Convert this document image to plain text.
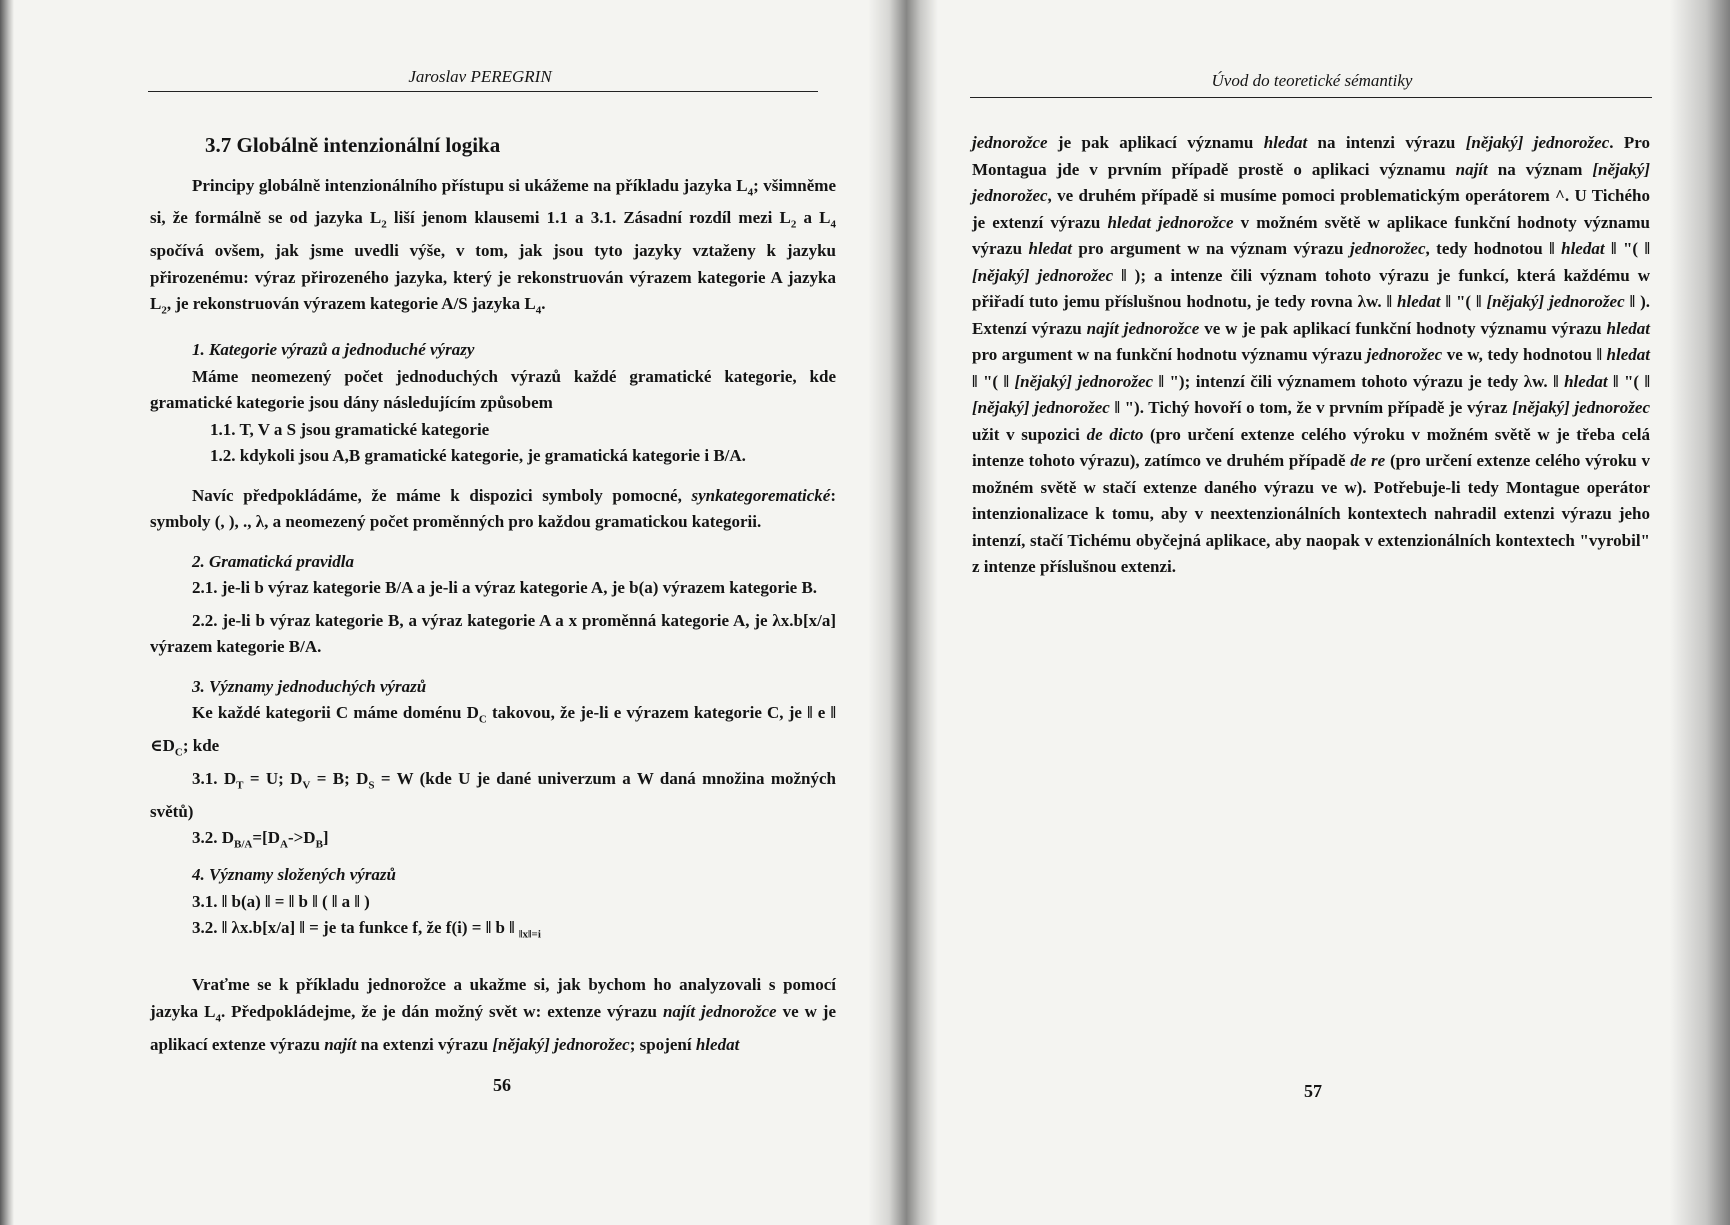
Jaroslav PEREGRIN

3.7 Globálně intenzionální logika

Principy globálně intenzionálního přístupu si ukážeme na příkladu jazyka $L_4$; všimněme si, že formálně se od jazyka $L_2$ liší jenom klausemi 1.1 a 3.1. Zásadní rozdíl mezi $L_2$ a $L_4$ spočívá ovšem, jak jsme uvedli výše, v tom, jak jsou tyto jazyky vztaženy k jazyku přirozenému: výraz přirozeného jazyka, který je rekonstruován výrazem kategorie A jazyka $L_2$, je rekonstruován výrazem kategorie A/S jazyka $L_4$.

1. Kategorie výrazů a jednoduché výrazy

Máme neomezený počet jednoduchých výrazů každé gramatické kategorie, kde gramatické kategorie jsou dány následujícím způsobem

1.1. T, V a S jsou gramatické kategorie

1.2. kdykoli jsou A,B gramatické kategorie, je gramatická kategorie i B/A.

Navíc předpokládáme, že máme k dispozici symboly pomocné, synkategorematické: symboly (, ), ., λ, a neomezený počet proměnných pro každou gramatickou kategorii.

2. Gramatická pravidla

2.1. je-li b výraz kategorie B/A a je-li a výraz kategorie A, je b(a) výrazem kategorie B.

2.2. je-li b výraz kategorie B, a výraz kategorie A a x proměnná kategorie A, je λx.b[x/a] výrazem kategorie B/A.

3. Významy jednoduchých výrazů

Ke každé kategorii C máme doménu $D_C$ takovou, že je-li e výrazem kategorie C, je ‖ e ‖ $\in D_C$; kde

3.1. $D_T = U$; $D_V = B$; $D_S = W$ (kde U je dané univerzum a W daná množina možných světů)

3.2. $D_{B/A}=[D_A->D_B]$

4. Významy složených výrazů

3.1. ‖ b(a) ‖ = ‖ b ‖ ( ‖ a ‖ )

3.2. ‖ λx.b[x/a] ‖ = je ta funkce f, že f(i) = ‖ b ‖ $_{‖x‖=i}$

Vraťme se k příkladu jednorožce a ukažme si, jak bychom ho analyzovali s pomocí jazyka $L_4$. Předpokládejme, že je dán možný svět w: extenze výrazu najít jednorožce ve w je aplikací extenze výrazu najít na extenzi výrazu [nějaký] jednorožec; spojení hledat

56
Úvod do teoretické sémantiky

jednorožce je pak aplikací významu hledat na intenzi výrazu [nějaký] jednorožec. Pro Montagua jde v prvním případě prostě o aplikaci významu najít na význam [nějaký] jednorožec, ve druhém případě si musíme pomoci problematickým operátorem ^. U Tichého je extenzí výrazu hledat jednorožce v možném světě w aplikace funkční hodnoty významu výrazu hledat pro argument w na význam výrazu jednorožec, tedy hodnotou ‖ hledat ‖ "( ‖ [nějaký] jednorožec ‖ ); a intenze čili význam tohoto výrazu je funkcí, která každému w přiřadí tuto jemu příslušnou hodnotu, je tedy rovna λw. ‖ hledat ‖ "( ‖ [nějaký] jednorožec ‖ ). Extenzí výrazu najít jednorožce ve w je pak aplikací funkční hodnoty významu výrazu hledat pro argument w na funkční hodnotu významu výrazu jednorožec ve w, tedy hodnotou ‖ hledat ‖ "( ‖ [nějaký] jednorožec ‖ "); intenzí čili významem tohoto výrazu je tedy λw. ‖ hledat ‖ "( ‖ [nějaký] jednorožec ‖ "). Tichý hovoří o tom, že v prvním případě je výraz [nějaký] jednorožec užit v supozici de dicto (pro určení extenze celého výroku v možném světě w je třeba celá intenze tohoto výrazu), zatímco ve druhém případě de re (pro určení extenze celého výroku v možném světě w stačí extenze daného výrazu ve w). Potřebuje-li tedy Montague operátor intenzionalizace k tomu, aby v neextenzionálních kontextech nahradil extenzi výrazu jeho intenzí, stačí Tichému obyčejná aplikace, aby naopak v extenzionálních kontextech "vyrobil" z intenze příslušnou extenzi.

57
